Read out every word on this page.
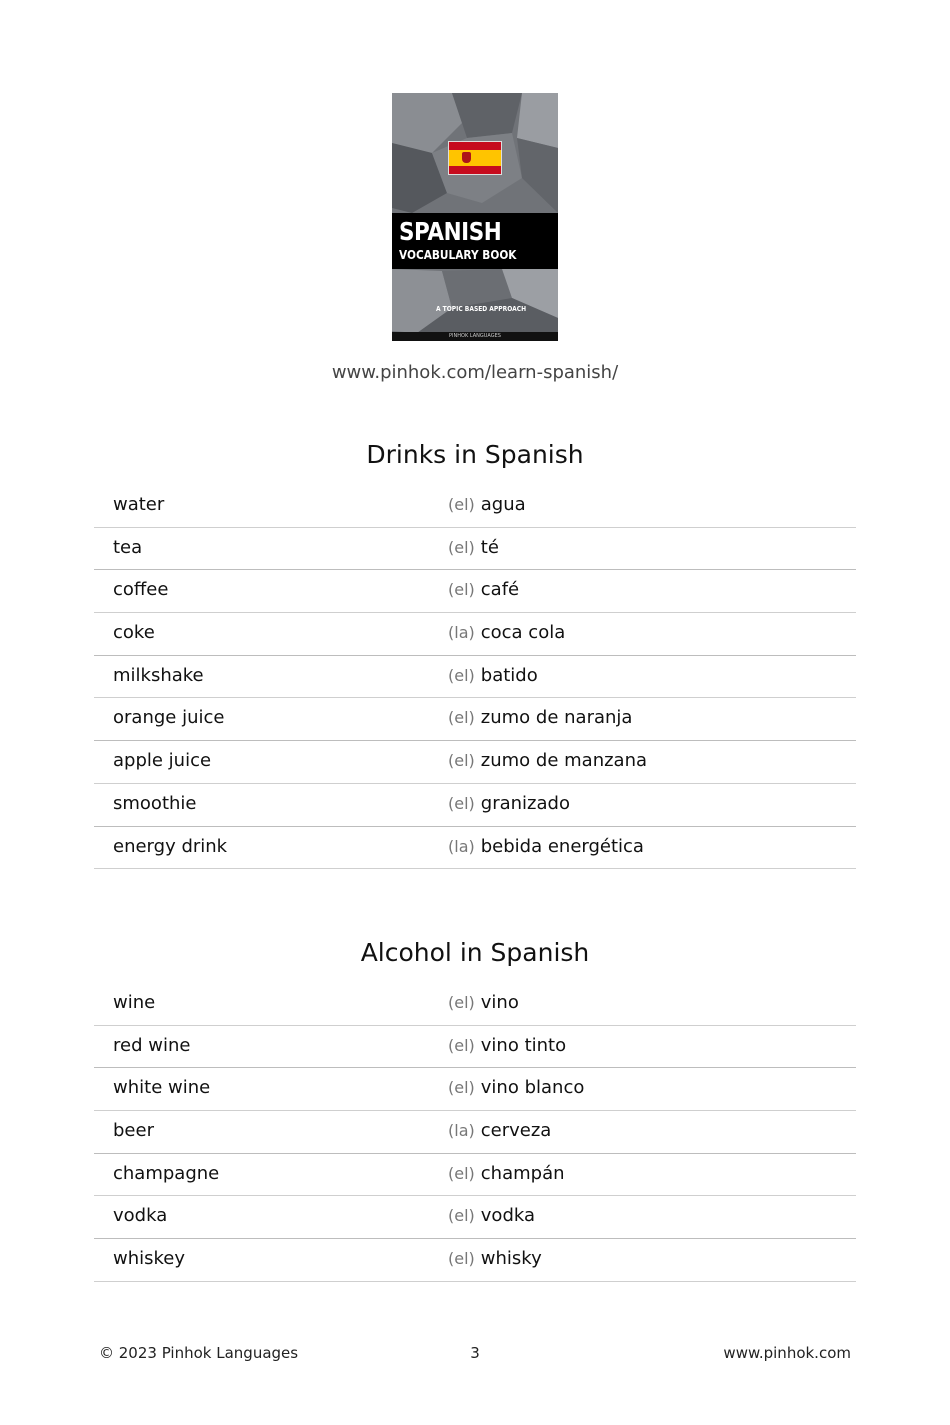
SPANISH
VOCABULARY BOOK
A TOPIC BASED APPROACH
PINHOK LANGUAGES
www.pinhok.com/learn-spanish/
Drinks in Spanish
water	(el) agua
tea	(el) té
coffee	(el) café
coke	(la) coca cola
milkshake	(el) batido
orange juice	(el) zumo de naranja
apple juice	(el) zumo de manzana
smoothie	(el) granizado
energy drink	(la) bebida energética
Alcohol in Spanish
wine	(el) vino
red wine	(el) vino tinto
white wine	(el) vino blanco
beer	(la) cerveza
champagne	(el) champán
vodka	(el) vodka
whiskey	(el) whisky
© 2023 Pinhok Languages	3	www.pinhok.com
